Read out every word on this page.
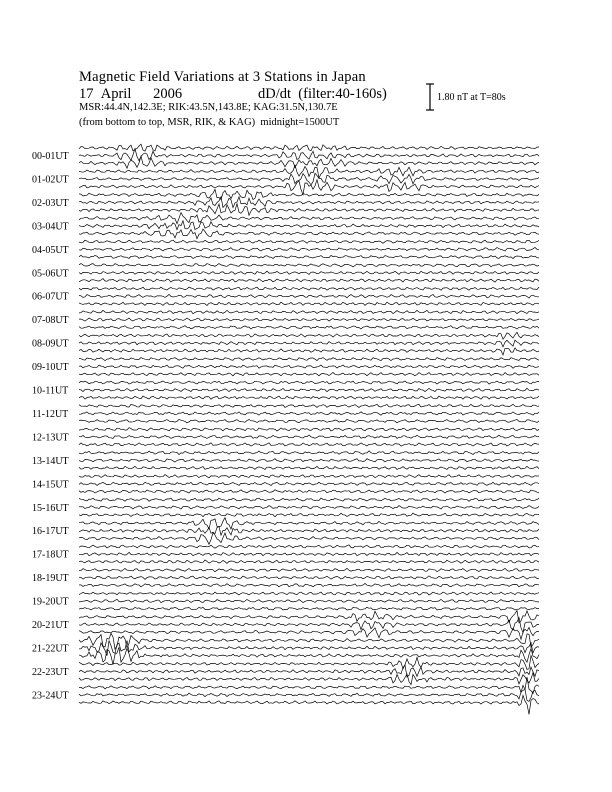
Magnetic Field Variations at 3 Stations in Japan
17 April 2006	dD/dt (filter:40-160s)
MSR:44.4N,142.3E; RIK:43.5N,143.8E; KAG:31.5N,130.7E
(from bottom to top, MSR, RIK, & KAG) midnight=1500UT
1.80 nT at T=80s
00-01UT
01-02UT
02-03UT
03-04UT
04-05UT
05-06UT
06-07UT
07-08UT
08-09UT
09-10UT
10-11UT
11-12UT
12-13UT
13-14UT
14-15UT
15-16UT
16-17UT
17-18UT
18-19UT
19-20UT
20-21UT
21-22UT
22-23UT
23-24UT
